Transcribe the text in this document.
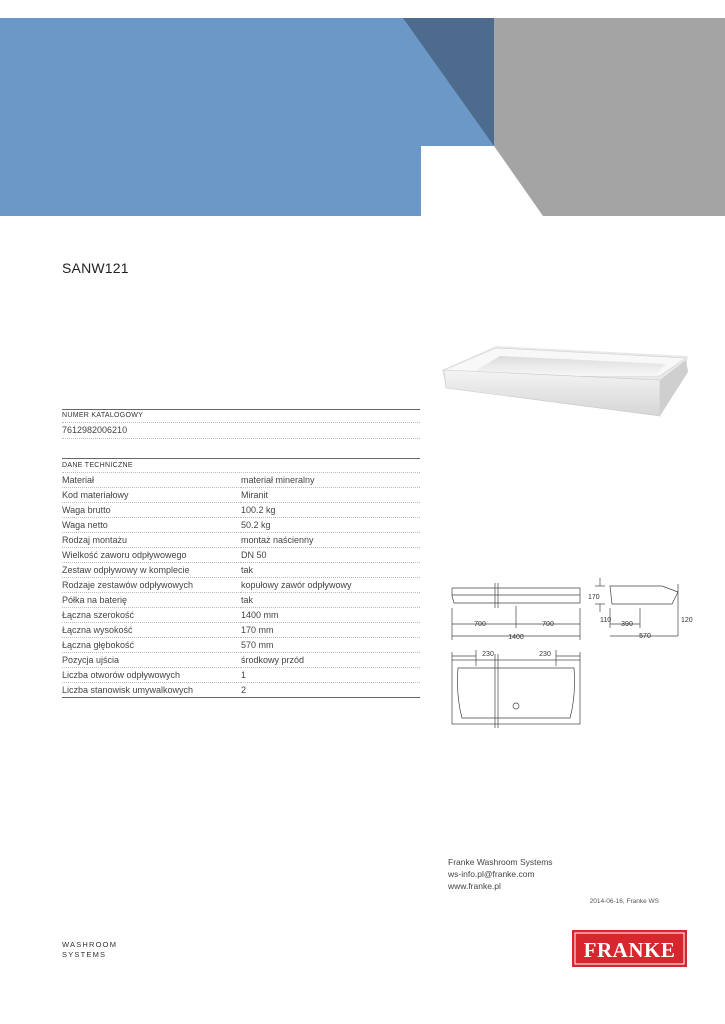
SANW121
NUMER KATALOGOWY
7612982006210
DANE TECHNICZNE
Materiał	materiał mineralny
Kod materiałowy	Miranit
Waga brutto	100.2 kg
Waga netto	50.2 kg
Rodzaj montażu	montaż naścienny
Wielkość zaworu odpływowego	DN 50
Zestaw odpływowy w komplecie	tak
Rodzaje zestawów odpływowych	kopułowy zawór odpływowy
Półka na baterię	tak
Łączna szerokość	1400 mm
Łączna wysokość	170 mm
Łączna głębokość	570 mm
Pozycja ujścia	środkowy przód
Liczba otworów odpływowych	1
Liczba stanowisk umywalkowych	2
700	700
1400
170
110
390
570
120
230	230
Franke Washroom Systems
ws-info.pl@franke.com
www.franke.pl
2014-06-16, Franke WS
WASHROOM
SYSTEMS	FRANKE
